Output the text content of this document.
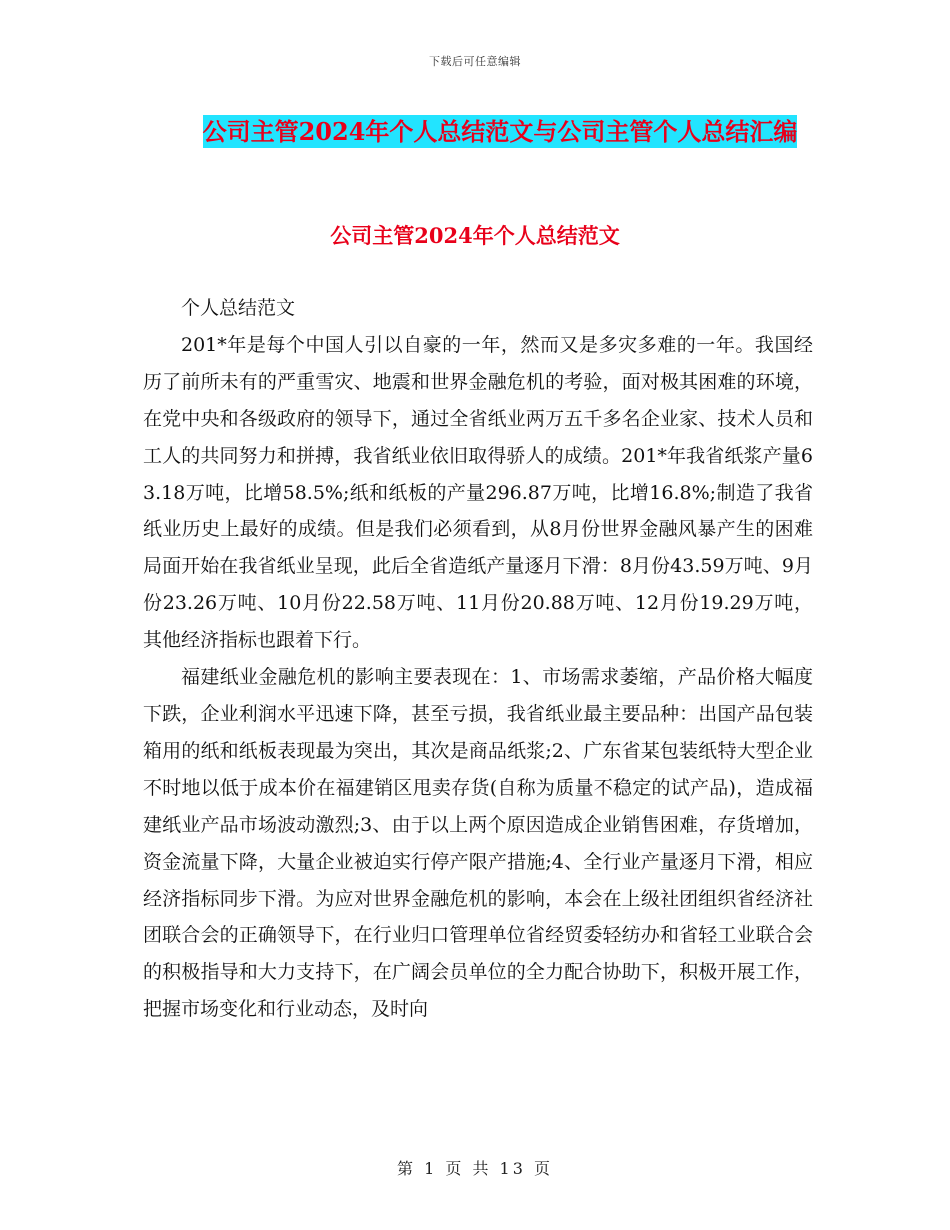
下载后可任意编辑
公司主管2024年个人总结范文与公司主管个人总结汇编
公司主管2024年个人总结范文

个人总结范文

201*年是每个中国人引以自豪的一年，然而又是多灾多难的一年。我国经历了前所未有的严重雪灾、地震和世界金融危机的考验，面对极其困难的环境，在党中央和各级政府的领导下，通过全省纸业两万五千多名企业家、技术人员和工人的共同努力和拼搏，我省纸业依旧取得骄人的成绩。201*年我省纸浆产量63.18万吨，比增58.5%;纸和纸板的产量296.87万吨，比增16.8%;制造了我省纸业历史上最好的成绩。但是我们必须看到，从8月份世界金融风暴产生的困难局面开始在我省纸业呈现，此后全省造纸产量逐月下滑：8月份43.59万吨、9月份23.26万吨、10月份22.58万吨、11月份20.88万吨、12月份19.29万吨，其他经济指标也跟着下行。

福建纸业金融危机的影响主要表现在：1、市场需求萎缩，产品价格大幅度下跌，企业利润水平迅速下降，甚至亏损，我省纸业最主要品种：出国产品包装箱用的纸和纸板表现最为突出，其次是商品纸浆;2、广东省某包装纸特大型企业不时地以低于成本价在福建销区甩卖存货(自称为质量不稳定的试产品)，造成福建纸业产品市场波动激烈;3、由于以上两个原因造成企业销售困难，存货增加，资金流量下降，大量企业被迫实行停产限产措施;4、全行业产量逐月下滑，相应经济指标同步下滑。为应对世界金融危机的影响，本会在上级社团组织省经济社团联合会的正确领导下，在行业归口管理单位省经贸委轻纺办和省轻工业联合会的积极指导和大力支持下，在广阔会员单位的全力配合协助下，积极开展工作，把握市场变化和行业动态，及时向

第 1 页 共 13 页
